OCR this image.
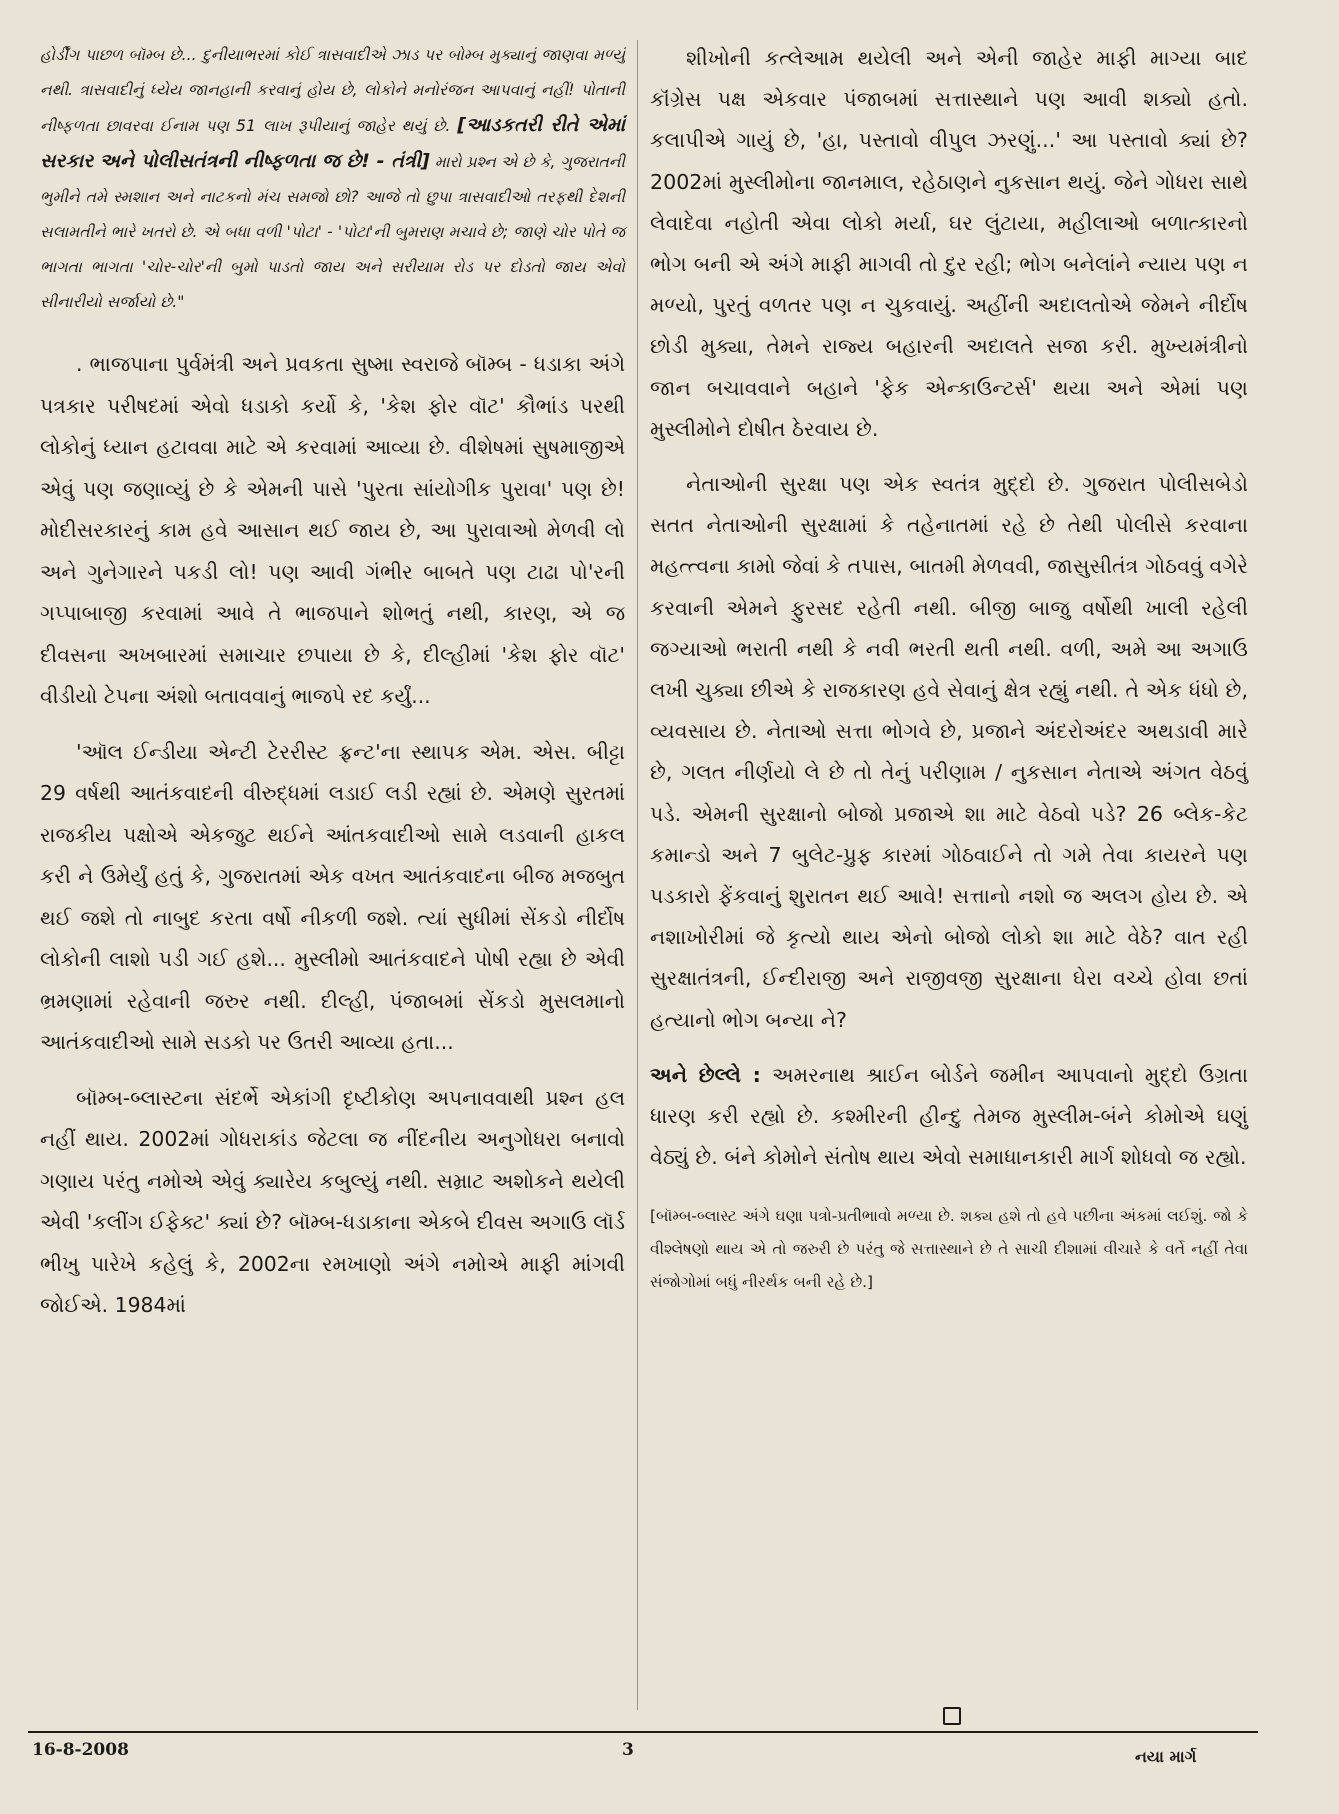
હોર્ડીંગ પાછળ બૉમ્બ છે... દુનીયાભરમાં કોઈ ત્રાસવાદીએ ઝાડ પર બોમ્બ મુક્યાનું જાણવા મળ્યું નથી. ત્રાસવાદીનું ધ્યેય જાનહાની કરવાનું હોય છે, લોકોને મનોરંજન આપવાનું નહીં! પોતાની નીષ્ફળતા છાવરવા ઈનામ પણ 51 લાખ રૂપીયાનું જાહેર થયું છે. [આડકતરી રીતે એમાં સરકાર અને પોલીસતંત્રની નીષ્ફળતા જ છે! - તંત્રી] મારો પ્રશ્ન એ છે કે, ગુજરાતની ભુમીને તમે સ્મશાન અને નાટકનો મંચ સમજો છો? આજે તો છુપા ત્રાસવાદીઓ તરફથી દેશની સલામતીને ભારે ખતરો છે. એ બધા વળી 'પોટા' - 'પોટા'ની બુમરાણ મચાવે છે; જાણે ચોર પોતે જ ભાગતા ભાગતા 'ચોર-ચોર'ની બુમો પાડતો જાય અને સરીયામ રોડ પર દોડતો જાય એવો સીનારીયો સર્જાયો છે."

. ભાજપાના પુર્વમંત્રી અને પ્રવકતા સુષ્મા સ્વરાજે બૉમ્બ - ધડાકા અંગે પત્રકાર પરીષદમાં એવો ધડાકો કર્યો કે, 'કેશ ફોર વૉટ' કૌભાંડ પરથી લોકોનું ધ્યાન હટાવવા માટે એ કરવામાં આવ્યા છે. વીશેષમાં સુષમાજીએ એવું પણ જણાવ્યું છે કે એમની પાસે 'પુરતા સાંયોગીક પુરાવા' પણ છે! મોદીસરકારનું કામ હવે આસાન થઈ જાય છે, આ પુરાવાઓ મેળવી લો અને ગુનેગારને પકડી લો! પણ આવી ગંભીર બાબતે પણ ટાઢા પો'રની ગપ્પાબાજી કરવામાં આવે તે ભાજપાને શોભતું નથી, કારણ, એ જ દીવસના અખબારમાં સમાચાર છપાયા છે કે, દીલ્હીમાં 'કેશ ફોર વૉટ' વીડીયો ટેપના અંશો બતાવવાનું ભાજપે રદ કર્યું...

'ઑલ ઈન્ડીયા એન્ટી ટેરરીસ્ટ ફ્રન્ટ'ના સ્થાપક એમ. એસ. બીટ્ટા 29 વર્ષથી આતંકવાદની વીરુદ્ધમાં લડાઈ લડી રહ્યાં છે. એમણે સુરતમાં રાજકીય પક્ષોએ એકજુટ થઈને આંતકવાદીઓ સામે લડવાની હાકલ કરી ને ઉમેર્યું હતું કે, ગુજરાતમાં એક વખત આતંકવાદના બીજ મજબુત થઈ જશે તો નાબુદ કરતા વર્ષો નીકળી જશે. ત્યાં સુધીમાં સેંકડો નીર્દોષ લોકોની લાશો પડી ગઈ હશે... મુસ્લીમો આતંકવાદને પોષી રહ્યા છે એવી ભ્રમણામાં રહેવાની જરુર નથી. દીલ્હી, પંજાબમાં સેંકડો મુસલમાનો આતંકવાદીઓ સામે સડકો પર ઉતરી આવ્યા હતા...

બૉમ્બ-બ્લાસ્ટના સંદર્ભે એકાંગી દૃષ્ટીકોણ અપનાવવાથી પ્રશ્ન હલ નહીં થાય. 2002માં ગોધરાકાંડ જેટલા જ નીંદનીય અનુગોધરા બનાવો ગણાય પરંતુ નમોએ એવું ક્યારેય કબુલ્યું નથી. સમ્રાટ અશોકને થયેલી એવી 'કલીંગ ઈફેક્ટ' ક્યાં છે? બૉમ્બ-ધડાકાના એકબે દીવસ અગાઉ લૉર્ડ ભીખુ પારેખે કહેલું કે, 2002ના રમખાણો અંગે નમોએ માફી માંગવી જોઈએ. 1984માં

શીખોની કત્લેઆમ થયેલી અને એની જાહેર માફી માગ્યા બાદ કૉંગ્રેસ પક્ષ એકવાર પંજાબમાં સત્તાસ્થાને પણ આવી શક્યો હતો. કલાપીએ ગાયું છે, 'હા, પસ્તાવો વીપુલ ઝરણું...' આ પસ્તાવો ક્યાં છે? 2002માં મુસ્લીમોના જાનમાલ, રહેઠાણને નુકસાન થયું. જેને ગોધરા સાથે લેવાદેવા નહોતી એવા લોકો મર્યા, ઘર લુંટાયા, મહીલાઓ બળાત્કારનો ભોગ બની એ અંગે માફી માગવી તો દુર રહી; ભોગ બનેલાંને ન્યાય પણ ન મળ્યો, પુરતું વળતર પણ ન ચુકવાયું. અહીંની અદાલતોએ જેમને નીર્દોષ છોડી મુક્યા, તેમને રાજ્ય બહારની અદાલતે સજા કરી. મુખ્યમંત્રીનો જાન બચાવવાને બહાને 'ફેક એન્કાઉન્ટર્સ' થયા અને એમાં પણ મુસ્લીમોને દોષીત ઠેરવાય છે.

નેતાઓની સુરક્ષા પણ એક સ્વતંત્ર મુદ્દો છે. ગુજરાત પોલીસબેડો સતત નેતાઓની સુરક્ષામાં કે તહેનાતમાં રહે છે તેથી પોલીસે કરવાના મહત્ત્વના કામો જેવાં કે તપાસ, બાતમી મેળવવી, જાસુસીતંત્ર ગોઠવવું વગેરે કરવાની એમને ફુરસદ રહેતી નથી. બીજી બાજુ વર્ષોથી ખાલી રહેલી જગ્યાઓ ભરાતી નથી કે નવી ભરતી થતી નથી. વળી, અમે આ અગાઉ લખી ચુક્યા છીએ કે રાજકારણ હવે સેવાનું ક્ષેત્ર રહ્યું નથી. તે એક ધંધો છે, વ્યવસાય છે. નેતાઓ સત્તા ભોગવે છે, પ્રજાને અંદરોઅંદર અથડાવી મારે છે, ગલત નીર્ણયો લે છે તો તેનું પરીણામ / નુકસાન નેતાએ અંગત વેઠવું પડે. એમની સુરક્ષાનો બોજો પ્રજાએ શા માટે વેઠવો પડે? 26 બ્લેક-કેટ કમાન્ડો અને 7 બુલેટ-પ્રુફ કારમાં ગોઠવાઈને તો ગમે તેવા કાયરને પણ પડકારો ફેંકવાનું શુરાતન થઈ આવે! સત્તાનો નશો જ અલગ હોય છે. એ નશાખોરીમાં જે કૃત્યો થાય એનો બોજો લોકો શા માટે વેઠે? વાત રહી સુરક્ષાતંત્રની, ઈન્દીરાજી અને રાજીવજી સુરક્ષાના ઘેરા વચ્ચે હોવા છતાં હત્યાનો ભોગ બન્યા ને?

અને છેલ્લે : અમરનાથ શ્રાઈન બોર્ડને જમીન આપવાનો મુદ્દો ઉગ્રતા ધારણ કરી રહ્યો છે. કશ્મીરની હીન્દુ તેમજ મુસ્લીમ-બંને કોમોએ ઘણું વેઠ્યું છે. બંને કોમોને સંતોષ થાય એવો સમાધાનકારી માર્ગ શોધવો જ રહ્યો.

[બૉમ્બ-બ્લાસ્ટ અંગે ઘણા પત્રો-પ્રતીભાવો મળ્યા છે. શક્ય હશે તો હવે પછીના અંકમાં લઈશું. જો કે વીશ્લેષણો થાય એ તો જરુરી છે પરંતુ જે સત્તાસ્થાને છે તે સાચી દીશામાં વીચારે કે વર્તે નહીં તેવા સંજોગોમાં બધું નીરર્થક બની રહે છે.]

16-8-2008	3	નયા માર્ગ
